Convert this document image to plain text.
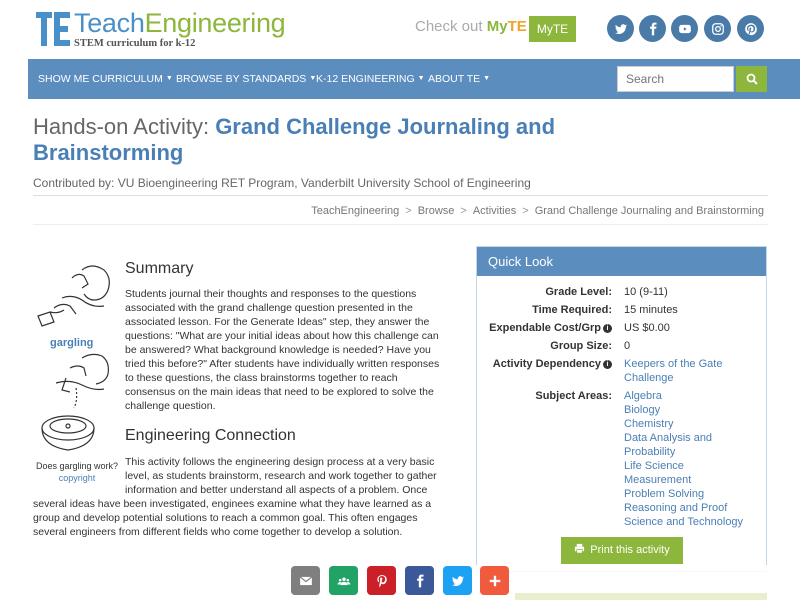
TeachEngineering
STEM curriculum for k-12
Check out MyTE MyTE
SHOW ME CURRICULUM ▼ BROWSE BY STANDARDS ▼ K-12 ENGINEERING ▼ ABOUT TE ▼
Search
Hands-on Activity: Grand Challenge Journaling and Brainstorming
Contributed by: VU Bioengineering RET Program, Vanderbilt University School of Engineering
TeachEngineering > Browse > Activities > Grand Challenge Journaling and Brainstorming
gargling
Does gargling work?
copyright
Summary
Students journal their thoughts and responses to the questions
associated with the grand challenge question presented in the
associated lesson. For the Generate Ideas" step, they answer the
questions: "What are your initial ideas about how this challenge can
be answered? What background knowledge is needed? Have you
tried this before?" After students have individually written responses
to these questions, the class brainstorms together to reach
consensus on the main ideas that need to be explored to solve the
challenge question.
Engineering Connection
This activity follows the engineering design process at a very basic
level, as students brainstorm, research and work together to gather
information and better understand all aspects of a problem. Once
several ideas have been investigated, enginees examine what they have learned as a
group and develop potential solutions to reach a common goal. This often engages
several engineers from different fields who come together to develop a solution.
Quick Look
Grade Level: 10 (9-11)
Time Required: 15 minutes
Expendable Cost/Grp i	US $0.00
Group Size: 0
Activity Dependency i	Keepers of the Gate Challenge
Subject Areas: Algebra
Biology
Chemistry
Data Analysis and Probability
Life Science
Measurement
Problem Solving
Reasoning and Proof
Science and Technology
Print this activity
